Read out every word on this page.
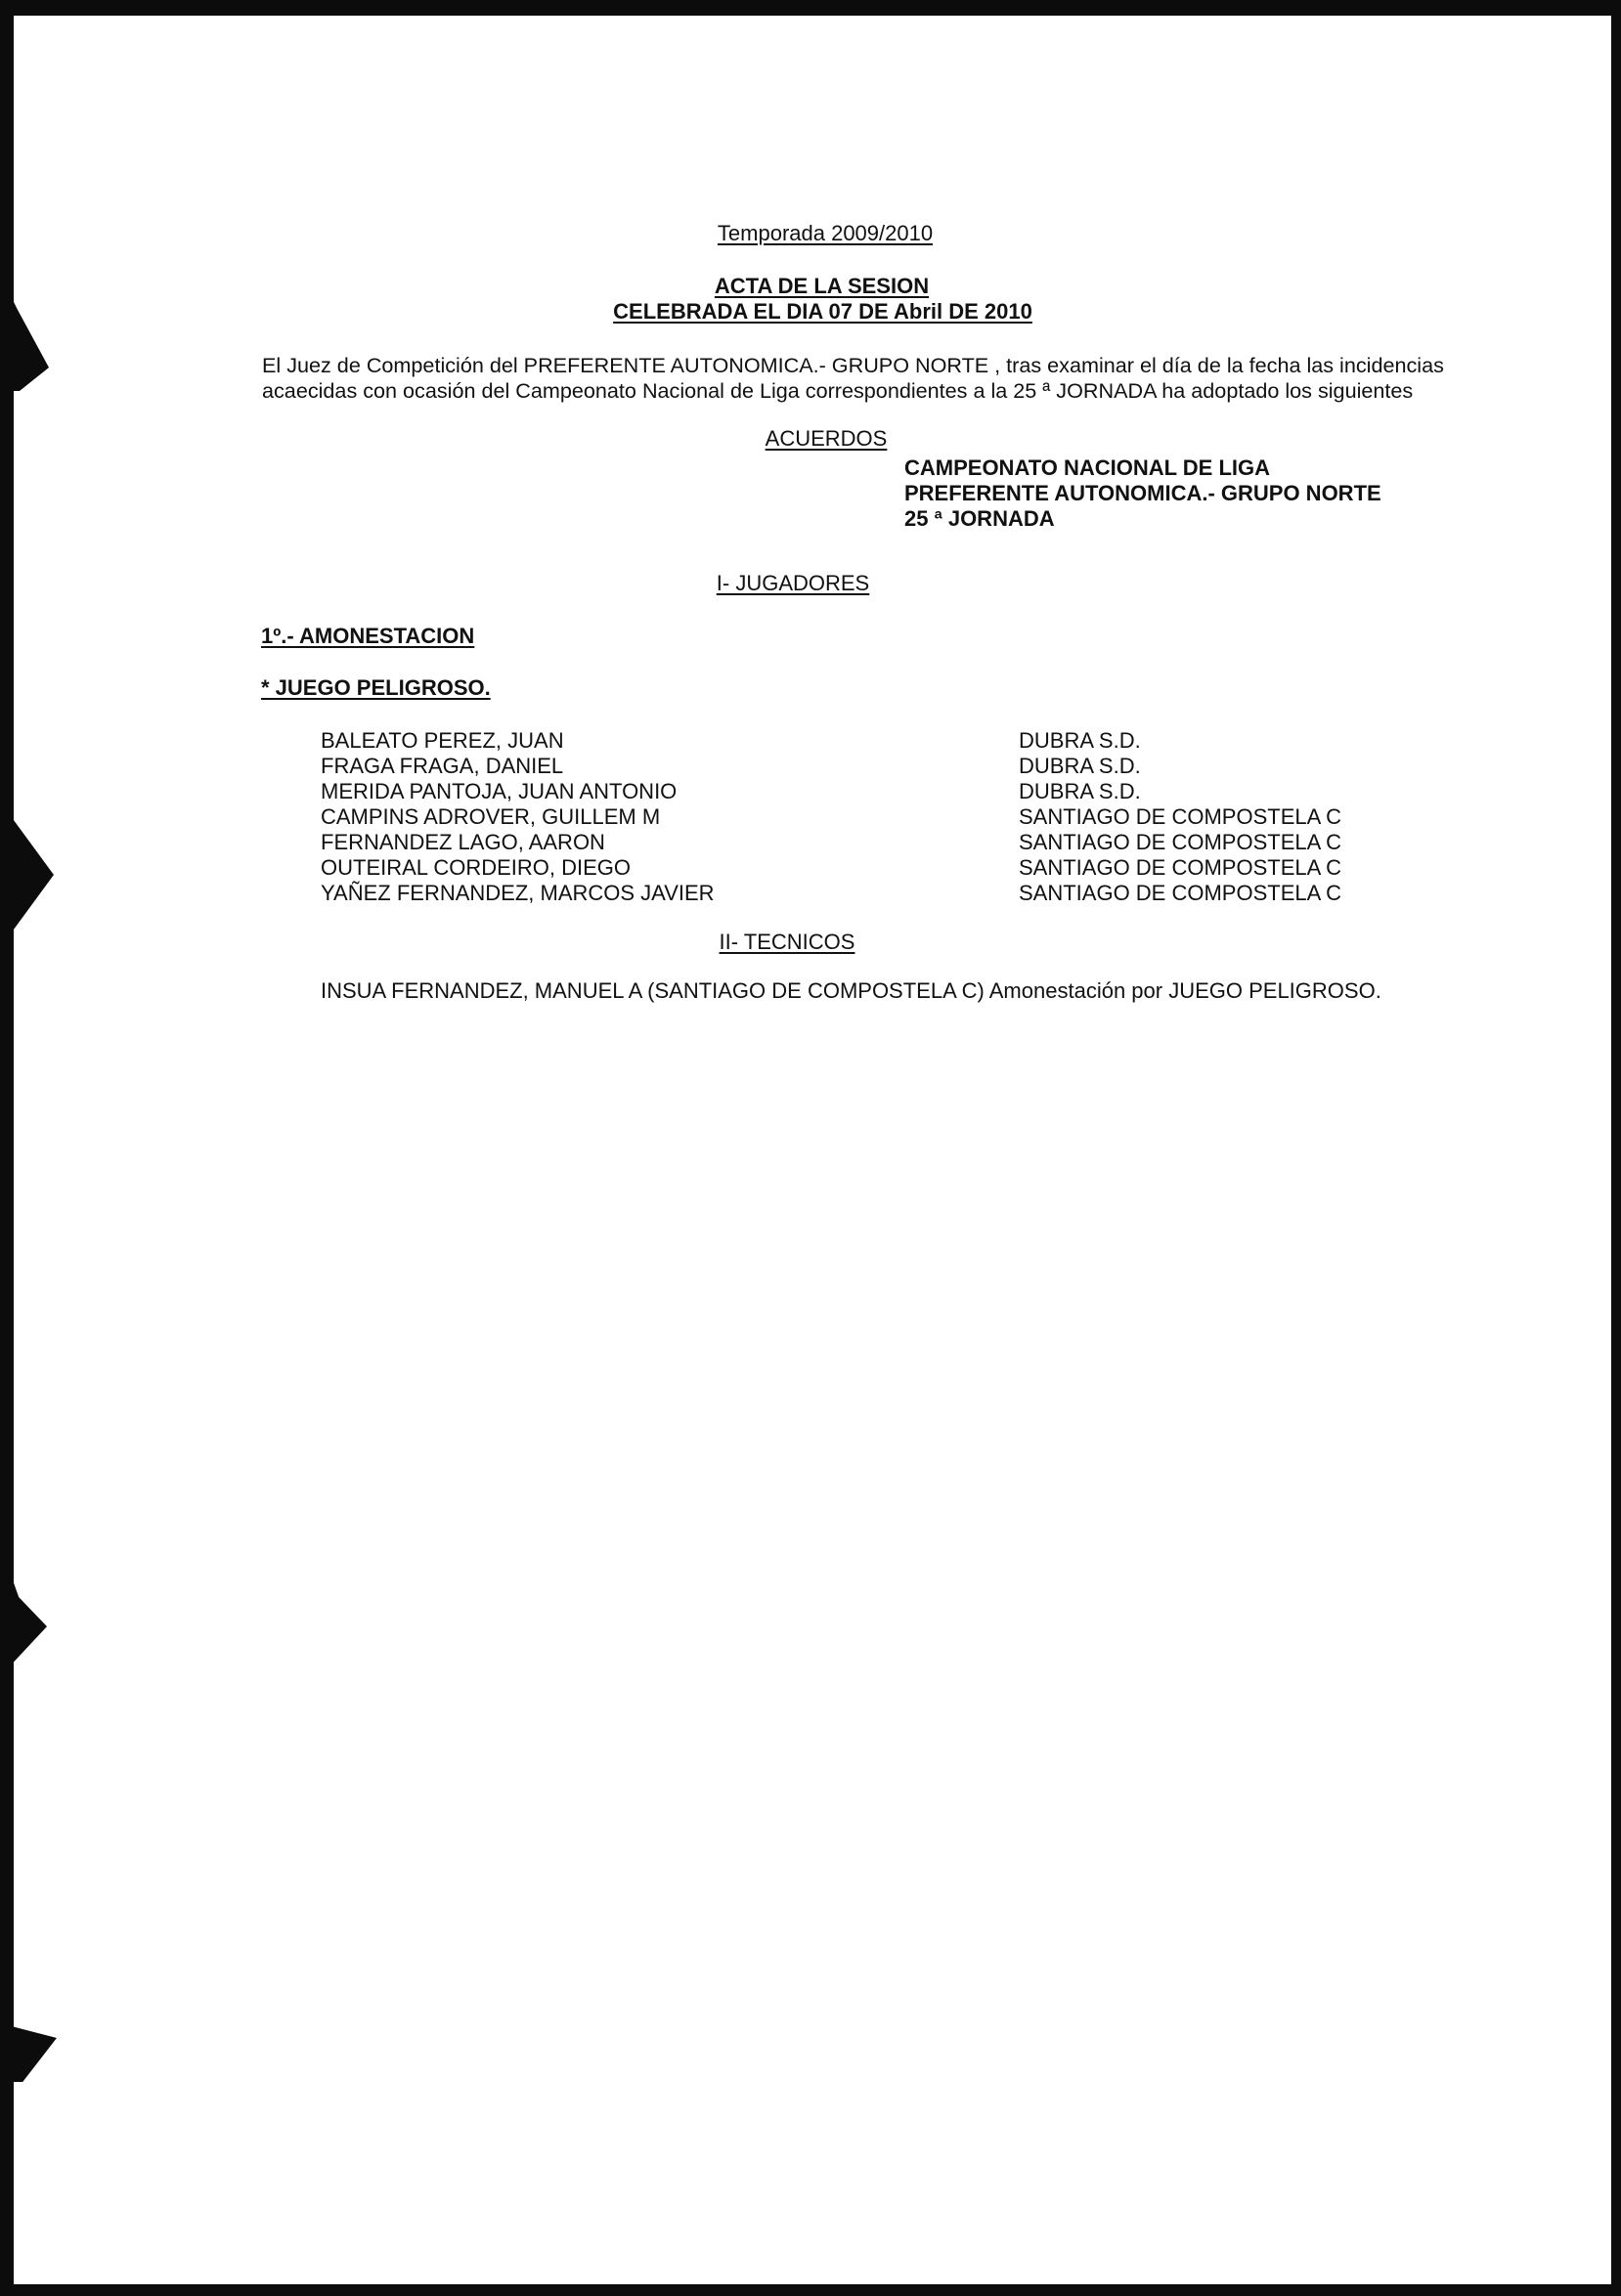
Temporada 2009/2010
ACTA DE LA SESION
CELEBRADA EL DIA 07 DE Abril DE 2010
El Juez de Competición del PREFERENTE AUTONOMICA.- GRUPO NORTE , tras examinar el día de la fecha las incidencias acaecidas con ocasión del Campeonato Nacional de Liga correspondientes a la 25 ª JORNADA ha adoptado los siguientes
ACUERDOS
CAMPEONATO NACIONAL DE LIGA
PREFERENTE AUTONOMICA.- GRUPO NORTE
25 ª JORNADA
I- JUGADORES
1º.- AMONESTACION
* JUEGO PELIGROSO.
BALEATO PEREZ, JUAN	DUBRA S.D.
FRAGA FRAGA, DANIEL	DUBRA S.D.
MERIDA PANTOJA, JUAN ANTONIO	DUBRA S.D.
CAMPINS ADROVER, GUILLEM M	SANTIAGO DE COMPOSTELA C
FERNANDEZ LAGO, AARON	SANTIAGO DE COMPOSTELA C
OUTEIRAL CORDEIRO, DIEGO	SANTIAGO DE COMPOSTELA C
YAÑEZ FERNANDEZ, MARCOS JAVIER	SANTIAGO DE COMPOSTELA C
II- TECNICOS
INSUA FERNANDEZ, MANUEL A (SANTIAGO DE COMPOSTELA C) Amonestación por JUEGO PELIGROSO.
